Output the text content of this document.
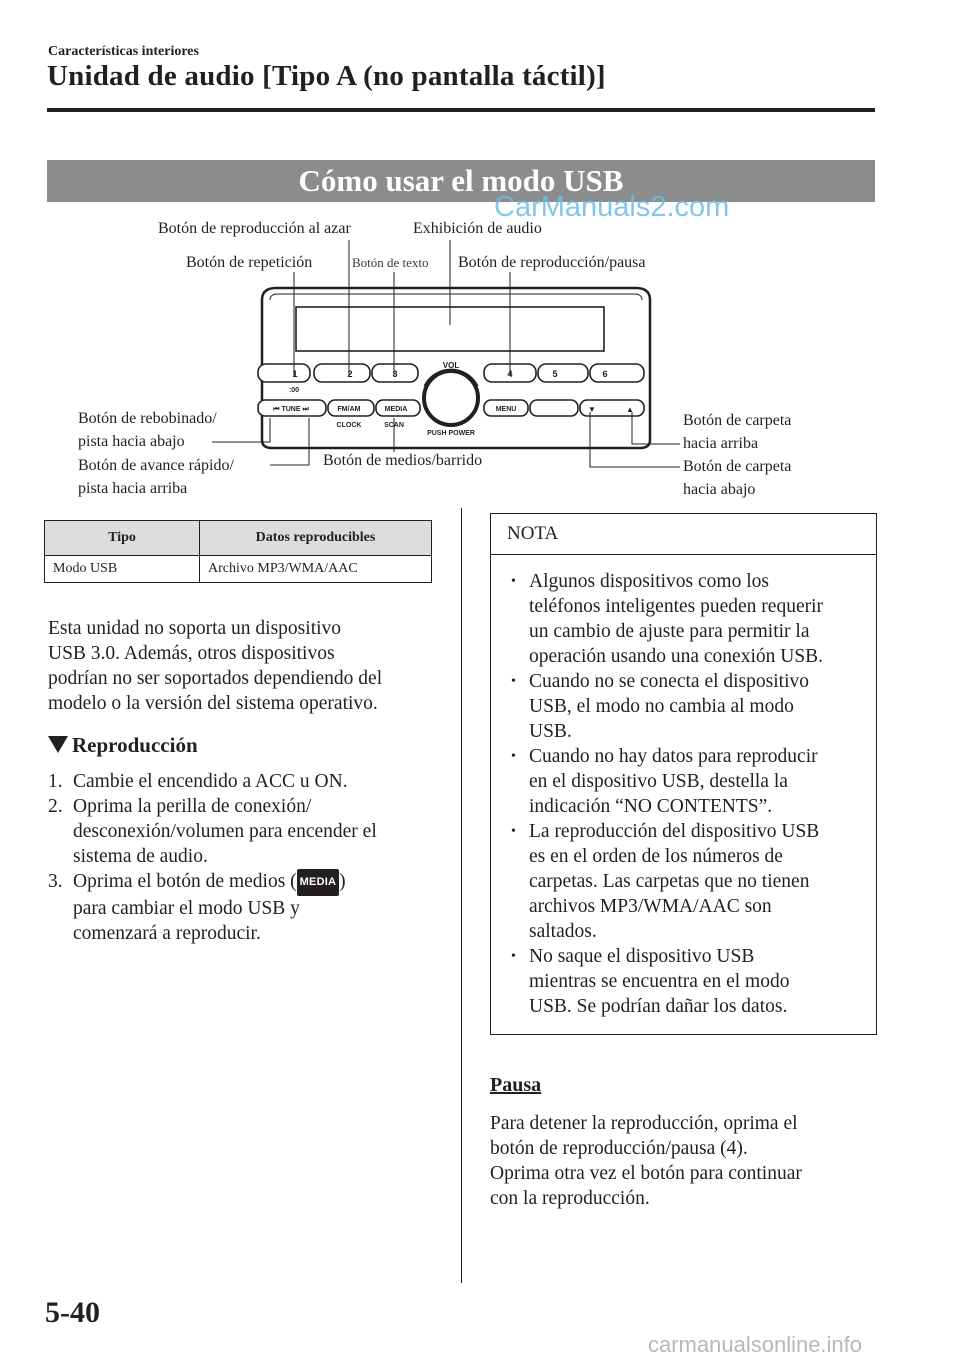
Características interiores
Unidad de audio [Tipo A (no pantalla táctil)]
Cómo usar el modo USB
CarManuals2.com
1	2	3	4	5	6
:00
⏮ TUNE ⏭	FM/AM	MEDIA	MENU
CLOCK	SCAN
VOL
PUSH POWER
▼	▲
Botón de reproducción al azar	Exhibición de audio
Botón de repetición	Botón de texto Botón de reproducción/pausa
Botón de rebobinado/
pista hacia abajo
Botón de avance rápido/
pista hacia arriba
Botón de medios/barrido
Botón de carpeta
hacia arriba
Botón de carpeta
hacia abajo
Tipo	Datos reproducibles
Modo USB	Archivo MP3/WMA/AAC
Esta unidad no soporta un dispositivo
USB 3.0. Además, otros dispositivos
podrían no ser soportados dependiendo del
modelo o la versión del sistema operativo.
Reproducción
1. Cambie el encendido a ACC u ON.
2. Oprima la perilla de conexión/
desconexión/volumen para encender el
sistema de audio.
3. Oprima el botón de medios ( MEDIA )
para cambiar el modo USB y
comenzará a reproducir.
NOTA
• Algunos dispositivos como los
teléfonos inteligentes pueden requerir
un cambio de ajuste para permitir la
operación usando una conexión USB.
• Cuando no se conecta el dispositivo
USB, el modo no cambia al modo
USB.
• Cuando no hay datos para reproducir
en el dispositivo USB, destella la
indicación “NO CONTENTS”.
• La reproducción del dispositivo USB
es en el orden de los números de
carpetas. Las carpetas que no tienen
archivos MP3/WMA/AAC son
saltados.
• No saque el dispositivo USB
mientras se encuentra en el modo
USB. Se podrían dañar los datos.
Pausa
Para detener la reproducción, oprima el
botón de reproducción/pausa (4).
Oprima otra vez el botón para continuar
con la reproducción.
5-40
carmanualsonline.info
